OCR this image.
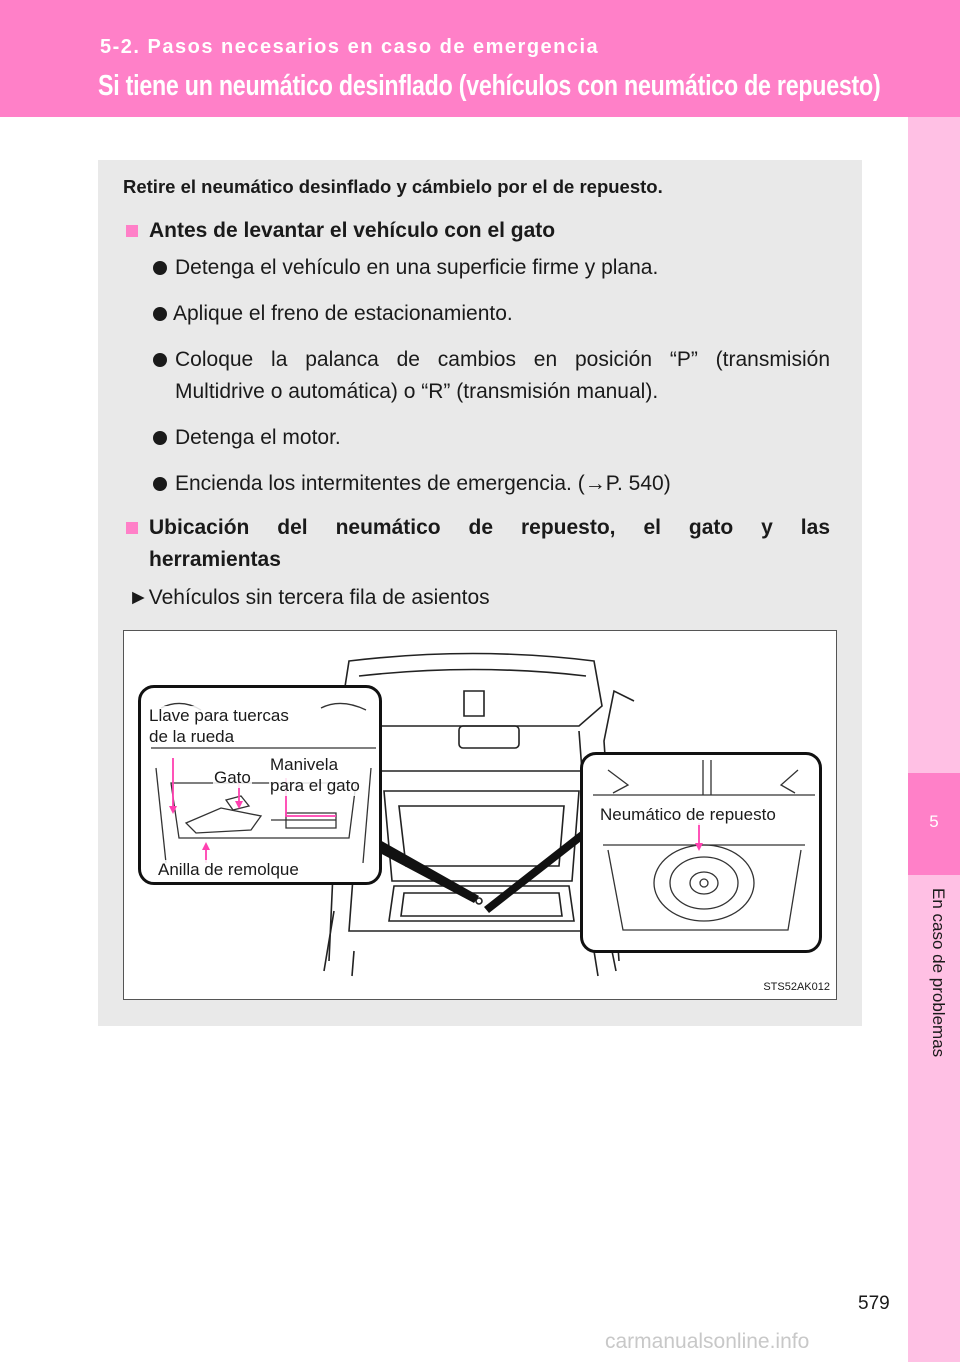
5-2. Pasos necesarios en caso de emergencia
Si tiene un neumático desinflado (vehículos con neumático de repuesto)
5
En caso de problemas
Retire el neumático desinflado y cámbielo por el de repuesto.
Antes de levantar el vehículo con el gato
Detenga el vehículo en una superficie firme y plana.
Aplique el freno de estacionamiento.
Coloque la palanca de cambios en posición “P” (transmisión
Multidrive o automática) o “R” (transmisión manual).
Detenga el motor.
Encienda los intermitentes de emergencia. (→P. 540)
Ubicación del neumático de repuesto, el gato y las
herramientas
►Vehículos sin tercera fila de asientos
Llave para tuercas
de la rueda
Gato
Manivela
para el gato
Anilla de remolque
Neumático de repuesto
STS52AK012
579
carmanualsonline.info
